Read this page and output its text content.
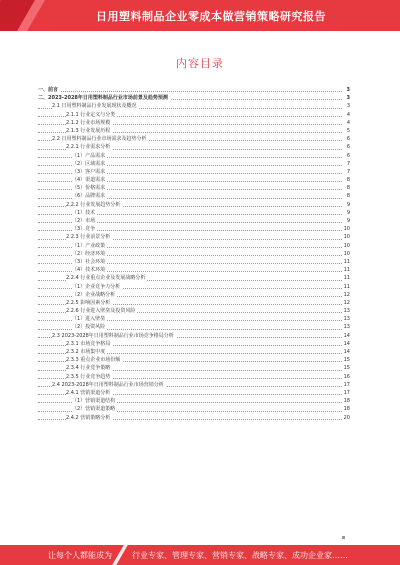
日用塑料制品企业零成本做营销策略研究报告
内容目录
一、前言	3
二、2023-2028年日用塑料制品行业市场前景及趋势预测	3
2.1 日用塑料制品行业发展现状及概况	3
2.1.1 行业定义与分类	4
2.1.2 行业市场规模	4
2.1.3 行业发展历程	5
2.2 日用塑料制品行业市场需求及趋势分析	6
2.2.1 行业需求分析	6
（1）产品需求	6
（2）区域需求	7
（3）客户需求	7
（4）渠道需求	8
（5）价格需求	8
（6）品牌需求	8
2.2.2 行业发展趋势分析	9
（1）技术	9
（2）市场	9
（3）竞争	10
2.2.3 行业前景分析	10
（1）产业政策	10
（2）经济环境	10
（3）社会环境	11
（4）技术环境	11
2.2.4 行业重点企业及发展战略分析	11
（1）企业竞争力分析	11
（2）企业战略分析	12
2.2.5 影响因素分析	12
2.2.6 行业进入壁垒及投资风险	13
（1）进入壁垒	13
（2）投资风险	13
2.3 2023-2028年日用塑料制品行业市场竞争格局分析	14
2.3.1 市场竞争格局	14
2.3.2 市场集中度	14
2.3.3 重点企业市场份额	15
2.3.4 行业竞争策略	15
2.3.5 行业竞争趋势	16
2.4 2023-2028年日用塑料制品行业市场营销分析	17
2.4.1 营销渠道分析	17
（1）营销渠道结构	18
（2）营销渠道策略	18
2.4.2 营销策略分析	20
让每个人都能成为	行业专家、管理专家、营销专家、战略专家、成功企业家……
